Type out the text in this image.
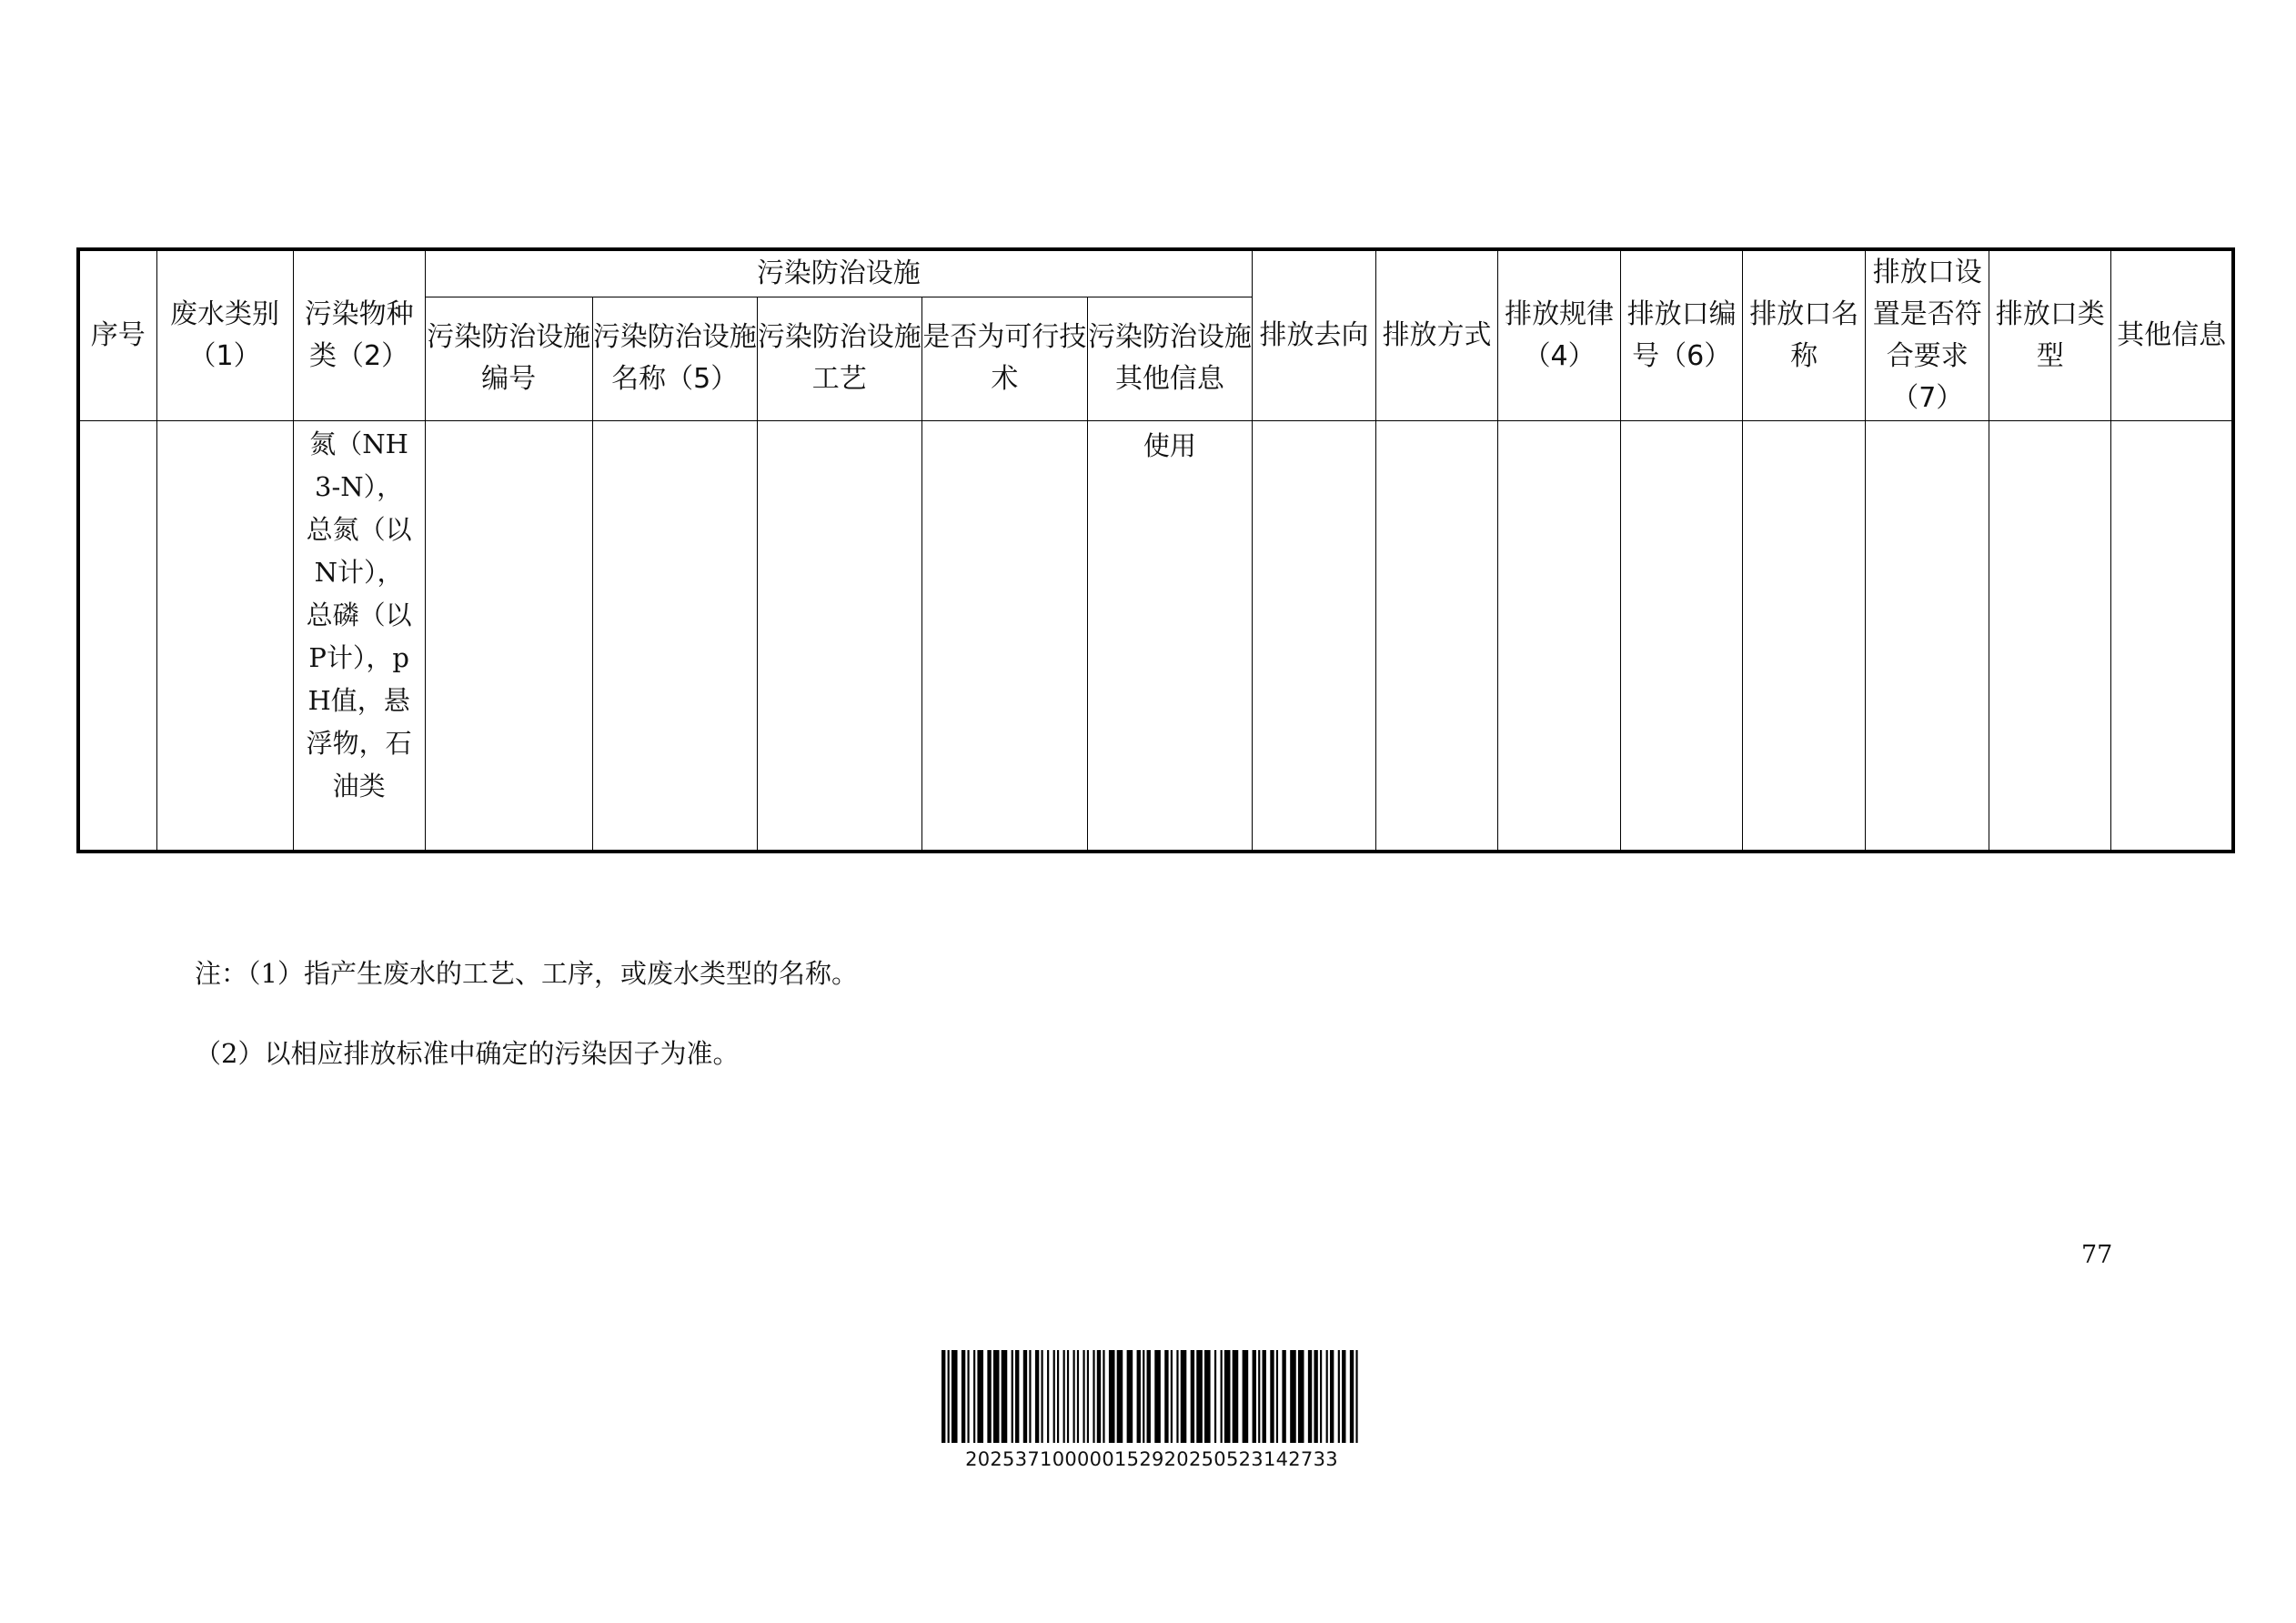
序号	废水类别（1）	污染物种类（2）	污染防治设施					排放去向	排放方式	排放规律（4）	排放口编号（6）	排放口名称	排放口设置是否符合要求（7）	排放口类型	其他信息
			污染防治设施编号	污染防治设施名称（5）	污染防治设施工艺	是否为可行技术	污染防治设施其他信息								
		氮（NH3-N），总氮（以N计），总磷（以P计），pH值，悬浮物，石油类					使用								
注：（1）指产生废水的工艺、工序，或废水类型的名称。
（2）以相应排放标准中确定的污染因子为准。
77
202537100000152920250523142733
